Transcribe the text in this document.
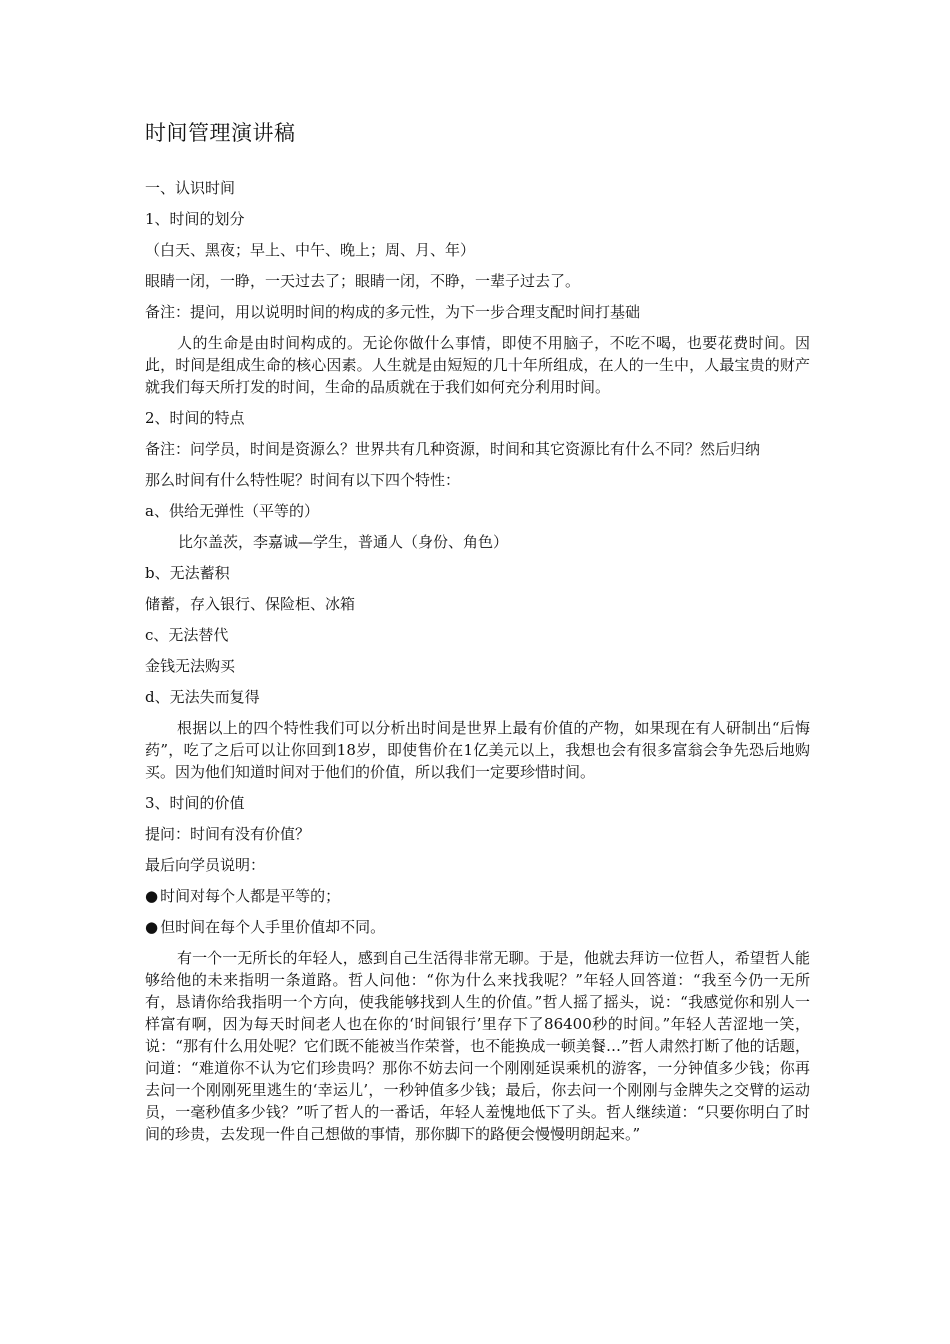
时间管理演讲稿
一、认识时间
1、时间的划分
（白天、黑夜；早上、中午、晚上；周、月、年）
眼睛一闭，一睁，一天过去了；眼睛一闭，不睁，一辈子过去了。
备注：提问，用以说明时间的构成的多元性，为下一步合理支配时间打基础
人的生命是由时间构成的。无论你做什么事情，即使不用脑子，不吃不喝，也要花费时间。因此，时间是组成生命的核心因素。人生就是由短短的几十年所组成，在人的一生中，人最宝贵的财产就我们每天所打发的时间，生命的品质就在于我们如何充分利用时间。
2、时间的特点
备注：问学员，时间是资源么？世界共有几种资源，时间和其它资源比有什么不同？然后归纳
那么时间有什么特性呢？时间有以下四个特性：
a、供给无弹性（平等的）
比尔盖茨，李嘉诚—学生，普通人（身份、角色）
b、无法蓄积
储蓄，存入银行、保险柜、冰箱
c、无法替代
金钱无法购买
d、无法失而复得
根据以上的四个特性我们可以分析出时间是世界上最有价值的产物，如果现在有人研制出“后悔药”，吃了之后可以让你回到18岁，即使售价在1亿美元以上，我想也会有很多富翁会争先恐后地购买。因为他们知道时间对于他们的价值，所以我们一定要珍惜时间。
3、时间的价值
提问：时间有没有价值？
最后向学员说明：
● 时间对每个人都是平等的；
● 但时间在每个人手里价值却不同。
有一个一无所长的年轻人，感到自己生活得非常无聊。于是，他就去拜访一位哲人，希望哲人能够给他的未来指明一条道路。哲人问他：“你为什么来找我呢？”年轻人回答道：“我至今仍一无所有，恳请你给我指明一个方向，使我能够找到人生的价值。”哲人摇了摇头，说：“我感觉你和别人一样富有啊，因为每天时间老人也在你的‘时间银行’里存下了86400秒的时间。”年轻人苦涩地一笑，说：“那有什么用处呢？它们既不能被当作荣誉，也不能换成一顿美餐…”哲人肃然打断了他的话题，问道：“难道你不认为它们珍贵吗？那你不妨去问一个刚刚延误乘机的游客，一分钟值多少钱；你再去问一个刚刚死里逃生的‘幸运儿’，一秒钟值多少钱；最后，你去问一个刚刚与金牌失之交臂的运动员，一毫秒值多少钱？”听了哲人的一番话，年轻人羞愧地低下了头。哲人继续道：“只要你明白了时间的珍贵，去发现一件自己想做的事情，那你脚下的路便会慢慢明朗起来。”
